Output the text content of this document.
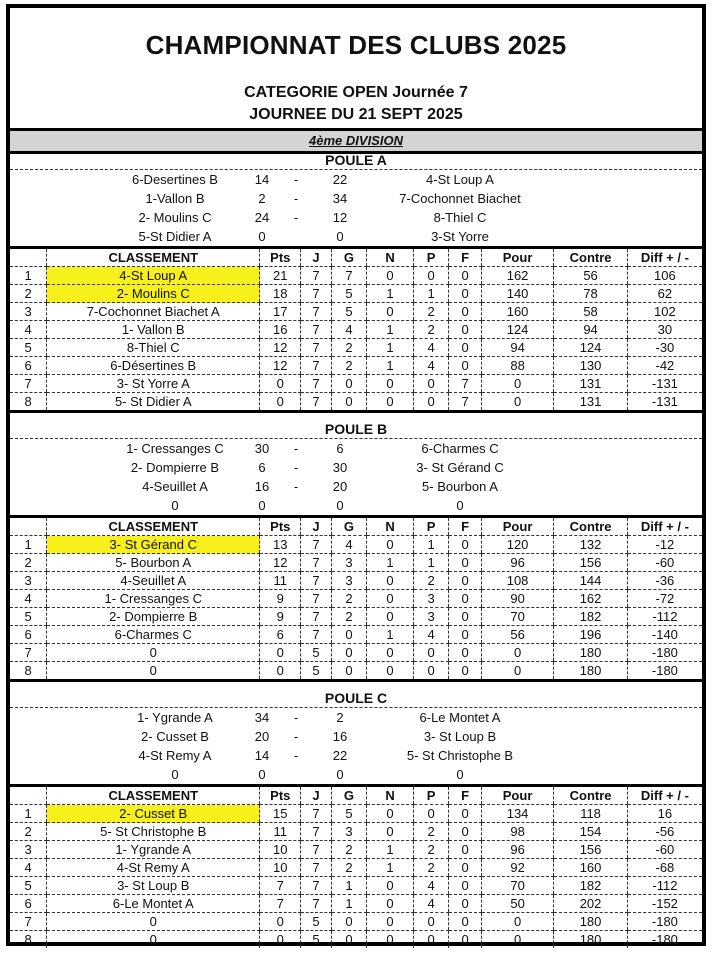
CHAMPIONNAT DES CLUBS 2025
CATEGORIE OPEN Journée 7
JOURNEE DU 21 SEPT 2025
4ème DIVISION
POULE A
6-Desertines B	14	-	22	4-St Loup A
1-Vallon B	2	-	34	7-Cochonnet Biachet
2- Moulins C	24	-	12	8-Thiel C
5-St Didier A	0	0	3-St Yorre
	CLASSEMENT	Pts	J	G	N	P	F	Pour	Contre	Diff + / -
1	4-St Loup A	21	7	7	0	0	0	162	56	106
2	2- Moulins C	18	7	5	1	1	0	140	78	62
3	7-Cochonnet Biachet A	17	7	5	0	2	0	160	58	102
4	1- Vallon B	16	7	4	1	2	0	124	94	30
5	8-Thiel C	12	7	2	1	4	0	94	124	-30
6	6-Désertines B	12	7	2	1	4	0	88	130	-42
7	3- St Yorre A	0	7	0	0	0	7	0	131	-131
8	5- St Didier A	0	7	0	0	0	7	0	131	-131
POULE B
1- Cressanges C	30	-	6	6-Charmes C
2- Dompierre B	6	-	30	3- St Gérand C
4-Seuillet A	16	-	20	5- Bourbon A
0	0	0	0
	CLASSEMENT	Pts	J	G	N	P	F	Pour	Contre	Diff + / -
1	3- St Gérand C	13	7	4	0	1	0	120	132	-12
2	5- Bourbon A	12	7	3	1	1	0	96	156	-60
3	4-Seuillet A	11	7	3	0	2	0	108	144	-36
4	1- Cressanges C	9	7	2	0	3	0	90	162	-72
5	2- Dompierre B	9	7	2	0	3	0	70	182	-112
6	6-Charmes C	6	7	0	1	4	0	56	196	-140
7	0	0	5	0	0	0	0	0	180	-180
8	0	0	5	0	0	0	0	0	180	-180
POULE C
1- Ygrande A	34	-	2	6-Le Montet A
2- Cusset B	20	-	16	3- St Loup B
4-St Remy A	14	-	22	5- St Christophe B
0	0	0	0
	CLASSEMENT	Pts	J	G	N	P	F	Pour	Contre	Diff + / -
1	2- Cusset B	15	7	5	0	0	0	134	118	16
2	5- St Christophe B	11	7	3	0	2	0	98	154	-56
3	1- Ygrande A	10	7	2	1	2	0	96	156	-60
4	4-St Remy A	10	7	2	1	2	0	92	160	-68
5	3- St Loup B	7	7	1	0	4	0	70	182	-112
6	6-Le Montet A	7	7	1	0	4	0	50	202	-152
7	0	0	5	0	0	0	0	0	180	-180
8	0	0	5	0	0	0	0	0	180	-180
